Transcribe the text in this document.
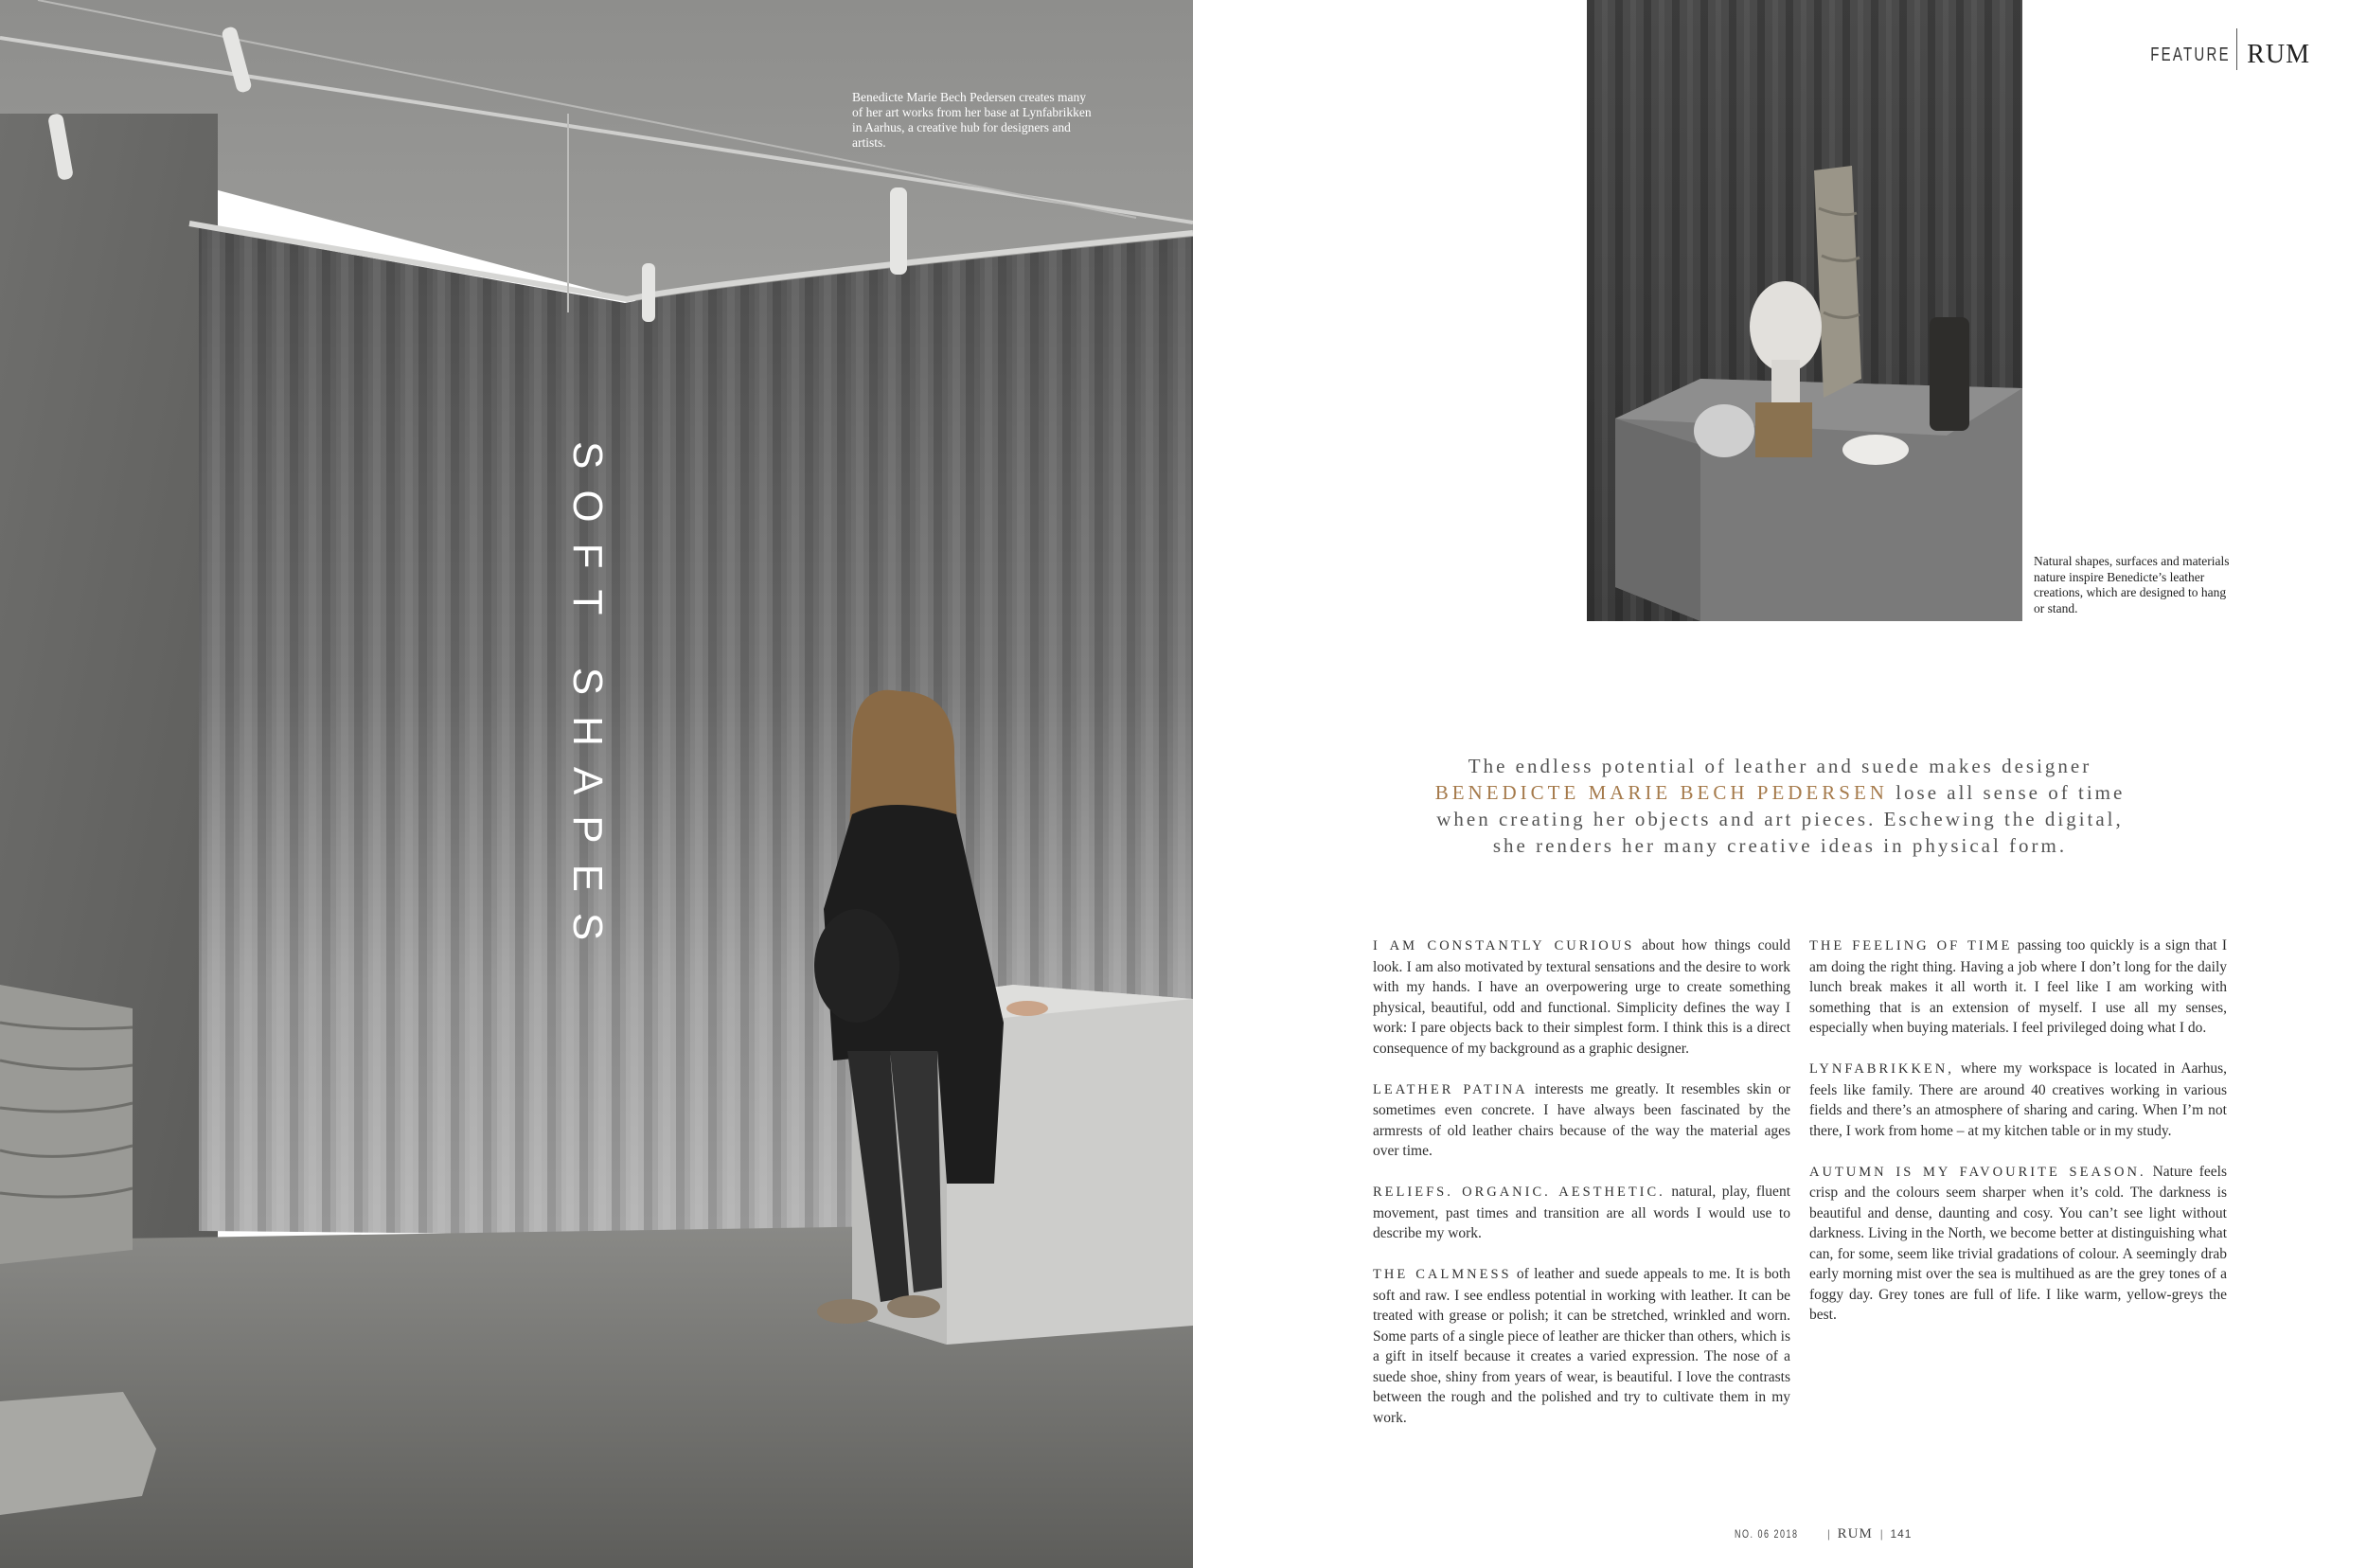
Benedicte Marie Bech Pedersen creates many of her art works from her base at Lynfabrikken in Aarhus, a creative hub for designers and artists.
SOFT SHAPES
FEATURE RUM
Natural shapes, surfaces and materials nature inspire Benedicte’s leather creations, which are designed to hang or stand.
The endless potential of leather and suede makes designer
BENEDICTE MARIE BECH PEDERSEN lose all sense of time when creating her objects and art pieces. Eschewing the digital, she renders her many creative ideas in physical form.

I AM CONSTANTLY CURIOUS about how things could look. I am also motivated by textural sensations and the desire to work with my hands. I have an overpowering urge to create something physical, beautiful, odd and functional. Simplicity defines the way I work: I pare objects back to their simplest form. I think this is a direct consequence of my background as a graphic designer.

LEATHER PATINA interests me greatly. It resembles skin or sometimes even concrete. I have always been fascinated by the armrests of old leather chairs because of the way the material ages over time.

RELIEFS. ORGANIC. AESTHETIC. natural, play, fluent movement, past times and transition are all words I would use to describe my work.

THE CALMNESS of leather and suede appeals to me. It is both soft and raw. I see endless potential in working with leather. It can be treated with grease or polish; it can be stretched, wrinkled and worn. Some parts of a single piece of leather are thicker than others, which is a gift in itself because it creates a varied expression. The nose of a suede shoe, shiny from years of wear, is beautiful. I love the contrasts between the rough and the polished and try to cultivate them in my work.

THE FEELING OF TIME passing too quickly is a sign that I am doing the right thing. Having a job where I don’t long for the daily lunch break makes it all worth it. I feel like I am working with something that is an extension of myself. I use all my senses, especially when buying materials. I feel privileged doing what I do.

LYNFABRIKKEN, where my workspace is located in Aarhus, feels like family. There are around 40 creatives working in various fields and there’s an atmosphere of sharing and caring. When I’m not there, I work from home – at my kitchen table or in my study.

AUTUMN IS MY FAVOURITE SEASON. Nature feels crisp and the colours seem sharper when it’s cold. The darkness is beautiful and dense, daunting and cosy. You can’t see light without darkness. Living in the North, we become better at distinguishing what can, for some, seem like trivial gradations of colour. A seemingly drab early morning mist over the sea is multihued as are the grey tones of a foggy day. Grey tones are full of life. I like warm, yellow-greys the best.

NO. 06 2018 | RUM | 141
